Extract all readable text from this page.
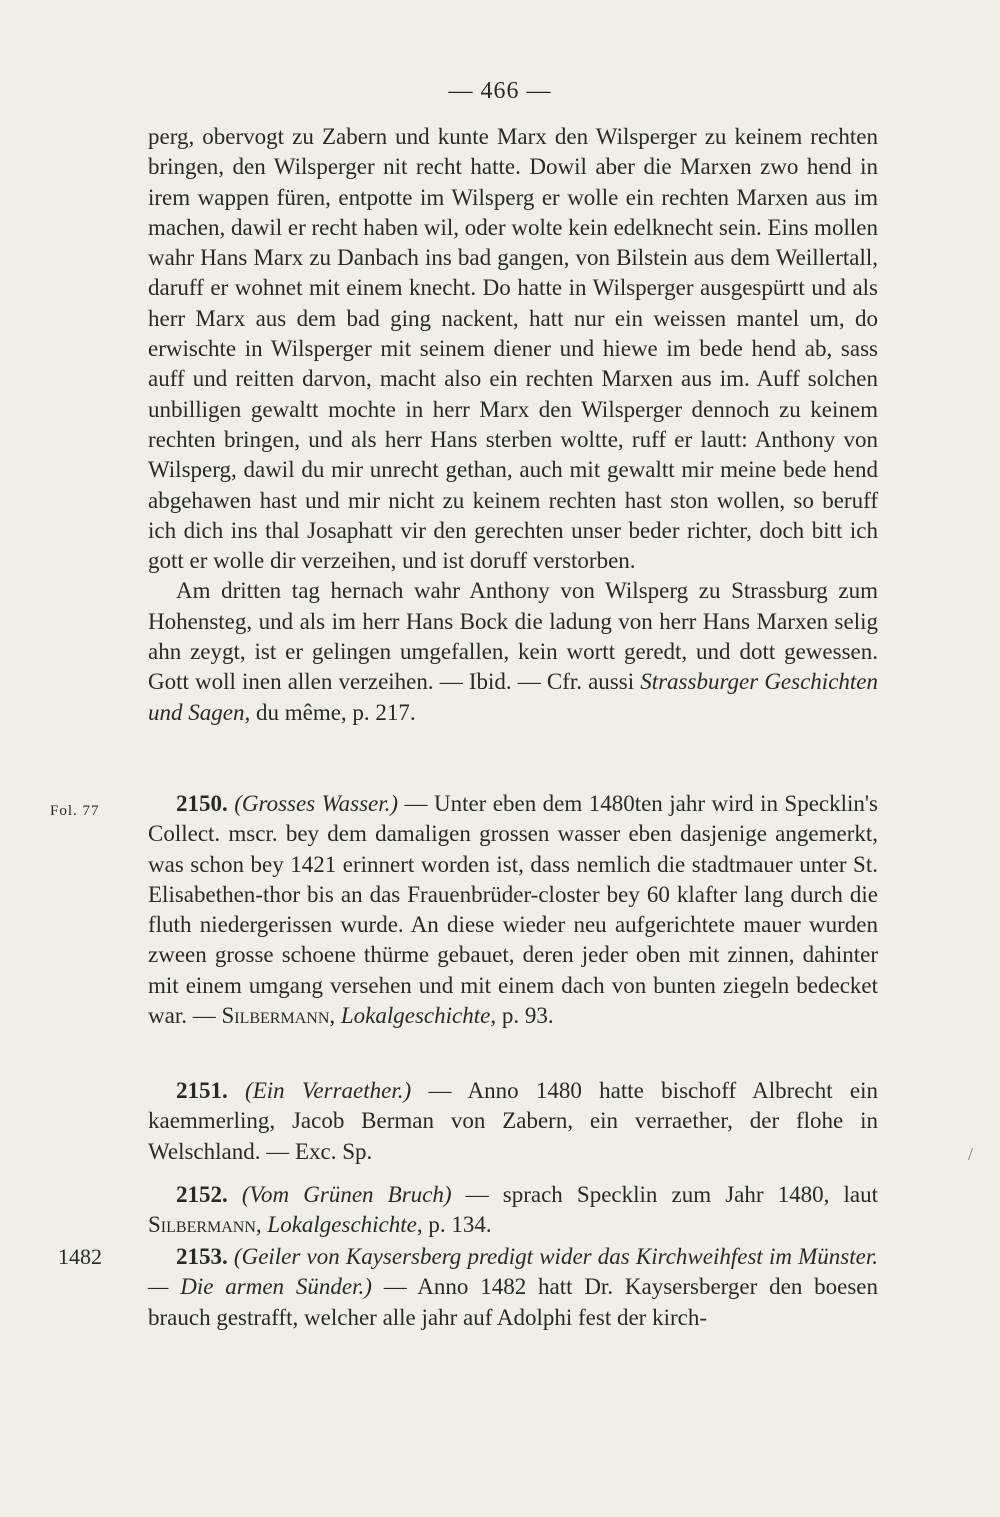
— 466 —

perg, obervogt zu Zabern und kunte Marx den Wilsperger zu keinem rechten bringen, den Wilsperger nit recht hatte. Dowil aber die Marxen zwo hend in irem wappen füren, entpotte im Wilsperg er wolle ein rechten Marxen aus im machen, dawil er recht haben wil, oder wolte kein edelknecht sein. Eins mollen wahr Hans Marx zu Danbach ins bad gangen, von Bilstein aus dem Weillertall, daruff er wohnet mit einem knecht. Do hatte in Wilsperger ausgespürtt und als herr Marx aus dem bad ging nackent, hatt nur ein weissen mantel um, do erwischte in Wilsperger mit seinem diener und hiewe im bede hend ab, sass auff und reitten darvon, macht also ein rechten Marxen aus im. Auff solchen unbilligen gewaltt mochte in herr Marx den Wilsperger dennoch zu keinem rechten bringen, und als herr Hans sterben woltte, ruff er lautt: Anthony von Wilsperg, dawil du mir unrecht gethan, auch mit gewaltt mir meine bede hend abgehawen hast und mir nicht zu keinem rechten hast ston wollen, so beruff ich dich ins thal Josaphatt vir den gerechten unser beder richter, doch bitt ich gott er wolle dir verzeihen, und ist doruff verstorben.

Am dritten tag hernach wahr Anthony von Wilsperg zu Strassburg zum Hohensteg, und als im herr Hans Bock die ladung von herr Hans Marxen selig ahn zeygt, ist er gelingen umgefallen, kein wortt geredt, und dott gewessen. Gott woll inen allen verzeihen. — Ibid. — Cfr. aussi Strassburger Geschichten und Sagen, du même, p. 217.

Fol. 77	2150. (Grosses Wasser.) — Unter eben dem 1480ten jahr wird in Specklin's Collect. mscr. bey dem damaligen grossen wasser eben dasjenige angemerkt, was schon bey 1421 erinnert worden ist, dass nemlich die stadtmauer unter St. Elisabethen-thor bis an das Frauenbrüder-closter bey 60 klafter lang durch die fluth niedergerissen wurde. An diese wieder neu aufgerichtete mauer wurden zween grosse schoene thürme gebauet, deren jeder oben mit zinnen, dahinter mit einem umgang versehen und mit einem dach von bunten ziegeln bedecket war. — Silbermann, Lokalgeschichte, p. 93.

2151. (Ein Verraether.) — Anno 1480 hatte bischoff Albrecht ein kaemmerling, Jacob Berman von Zabern, ein verraether, der flohe in Welschland. — Exc. Sp.

2152. (Vom Grünen Bruch) — sprach Specklin zum Jahr 1480, laut Silbermann, Lokalgeschichte, p. 134.

1482	2153. (Geiler von Kaysersberg predigt wider das Kirchweihfest im Münster. — Die armen Sünder.) — Anno 1482 hatt Dr. Kaysersberger den boesen brauch gestrafft, welcher alle jahr auf Adolphi fest der kirch-

/
